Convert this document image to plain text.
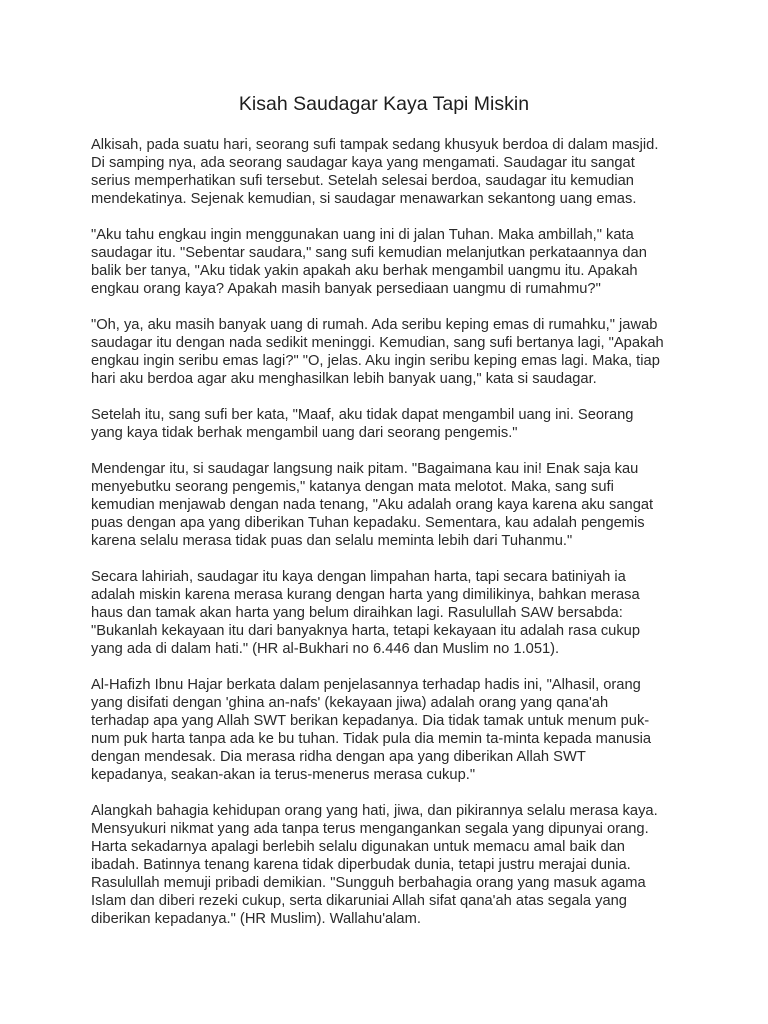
Kisah Saudagar Kaya Tapi Miskin

Alkisah, pada suatu hari, seorang sufi tampak sedang khusyuk berdoa di dalam masjid.
Di samping nya, ada seorang saudagar kaya yang mengamati. Saudagar itu sangat
serius memperhatikan sufi tersebut. Setelah selesai berdoa, saudagar itu kemudian
mendekatinya. Sejenak kemudian, si saudagar menawarkan sekantong uang emas.

"Aku tahu engkau ingin menggunakan uang ini di jalan Tuhan. Maka ambillah," kata
saudagar itu. "Sebentar saudara," sang sufi kemudian melanjutkan perkataannya dan
balik ber tanya, "Aku tidak yakin apakah aku berhak mengambil uangmu itu. Apakah
engkau orang kaya? Apakah masih banyak persediaan uangmu di rumahmu?"

"Oh, ya, aku masih banyak uang di rumah. Ada seribu keping emas di rumahku," jawab
saudagar itu dengan nada sedikit meninggi. Kemudian, sang sufi bertanya lagi, "Apakah
engkau ingin seribu emas lagi?" "O, jelas. Aku ingin seribu keping emas lagi. Maka, tiap
hari aku berdoa agar aku menghasilkan lebih banyak uang," kata si saudagar.

Setelah itu, sang sufi ber kata, "Maaf, aku tidak dapat mengambil uang ini. Seorang
yang kaya tidak berhak mengambil uang dari seorang pengemis."

Mendengar itu, si saudagar langsung naik pitam. "Bagaimana kau ini! Enak saja kau
menyebutku seorang pengemis," katanya dengan mata melotot. Maka, sang sufi
kemudian menjawab dengan nada tenang, "Aku adalah orang kaya karena aku sangat
puas dengan apa yang diberikan Tuhan kepadaku. Sementara, kau adalah pengemis
karena selalu merasa tidak puas dan selalu meminta lebih dari Tuhanmu."

Secara lahiriah, saudagar itu kaya dengan limpahan harta, tapi secara batiniyah ia
adalah miskin karena merasa kurang dengan harta yang dimilikinya, bahkan merasa
haus dan tamak akan harta yang belum diraihkan lagi. Rasulullah SAW bersabda:
"Bukanlah kekayaan itu dari banyaknya harta, tetapi kekayaan itu adalah rasa cukup
yang ada di dalam hati." (HR al-Bukhari no 6.446 dan Muslim no 1.051).

Al-Hafizh Ibnu Hajar berkata dalam penjelasannya terhadap hadis ini, "Alhasil, orang
yang disifati dengan 'ghina an-nafs' (kekayaan jiwa) adalah orang yang qana'ah
terhadap apa yang Allah SWT berikan kepadanya. Dia tidak tamak untuk menum puk-
num puk harta tanpa ada ke bu tuhan. Tidak pula dia memin ta-minta kepada manusia
dengan mendesak. Dia merasa ridha dengan apa yang diberikan Allah SWT
kepadanya, seakan-akan ia terus-menerus merasa cukup."

Alangkah bahagia kehidupan orang yang hati, jiwa, dan pikirannya selalu merasa kaya.
Mensyukuri nikmat yang ada tanpa terus mengangankan segala yang dipunyai orang.
Harta sekadarnya apalagi berlebih selalu digunakan untuk memacu amal baik dan
ibadah. Batinnya tenang karena tidak diperbudak dunia, tetapi justru merajai dunia.
Rasulullah memuji pribadi demikian. "Sungguh berbahagia orang yang masuk agama
Islam dan diberi rezeki cukup, serta dikaruniai Allah sifat qana'ah atas segala yang
diberikan kepadanya." (HR Muslim). Wallahu'alam.
